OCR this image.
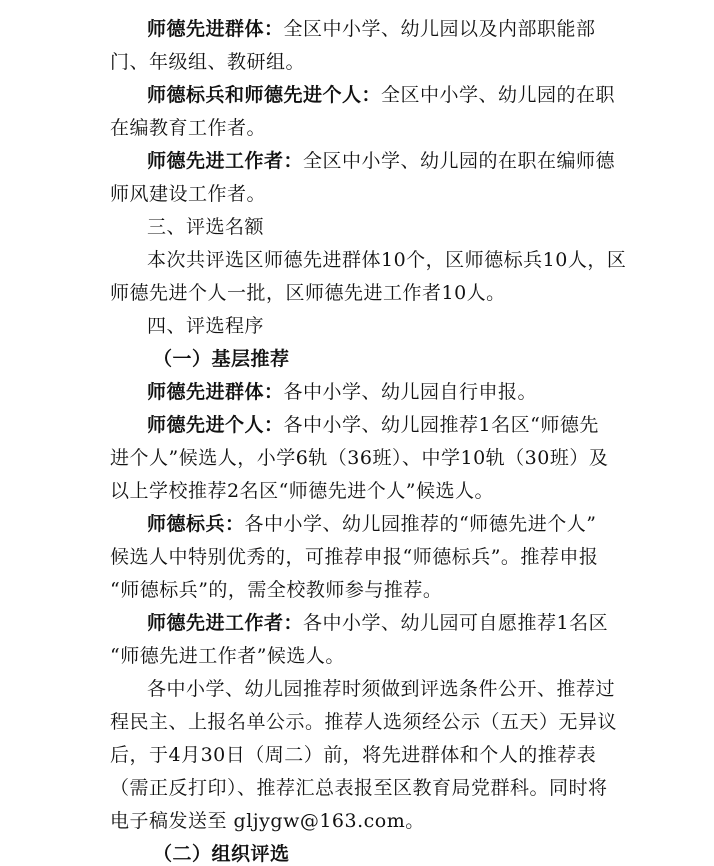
师德先进群体：全区中小学、幼儿园以及内部职能部
门、年级组、教研组。
师德标兵和师德先进个人：全区中小学、幼儿园的在职
在编教育工作者。
师德先进工作者：全区中小学、幼儿园的在职在编师德
师风建设工作者。
三、评选名额
本次共评选区师德先进群体10个，区师德标兵10人，区
师德先进个人一批，区师德先进工作者10人。
四、评选程序
（一）基层推荐
师德先进群体：各中小学、幼儿园自行申报。
师德先进个人：各中小学、幼儿园推荐1名区“师德先
进个人”候选人，小学6轨（36班）、中学10轨（30班）及
以上学校推荐2名区“师德先进个人”候选人。
师德标兵：各中小学、幼儿园推荐的“师德先进个人”
候选人中特别优秀的，可推荐申报“师德标兵”。推荐申报
“师德标兵”的，需全校教师参与推荐。
师德先进工作者：各中小学、幼儿园可自愿推荐1名区
“师德先进工作者”候选人。
各中小学、幼儿园推荐时须做到评选条件公开、推荐过
程民主、上报名单公示。推荐人选须经公示（五天）无异议
后，于4月30日（周二）前，将先进群体和个人的推荐表
（需正反打印）、推荐汇总表报至区教育局党群科。同时将
电子稿发送至 gljygw@163.com。
（二）组织评选
